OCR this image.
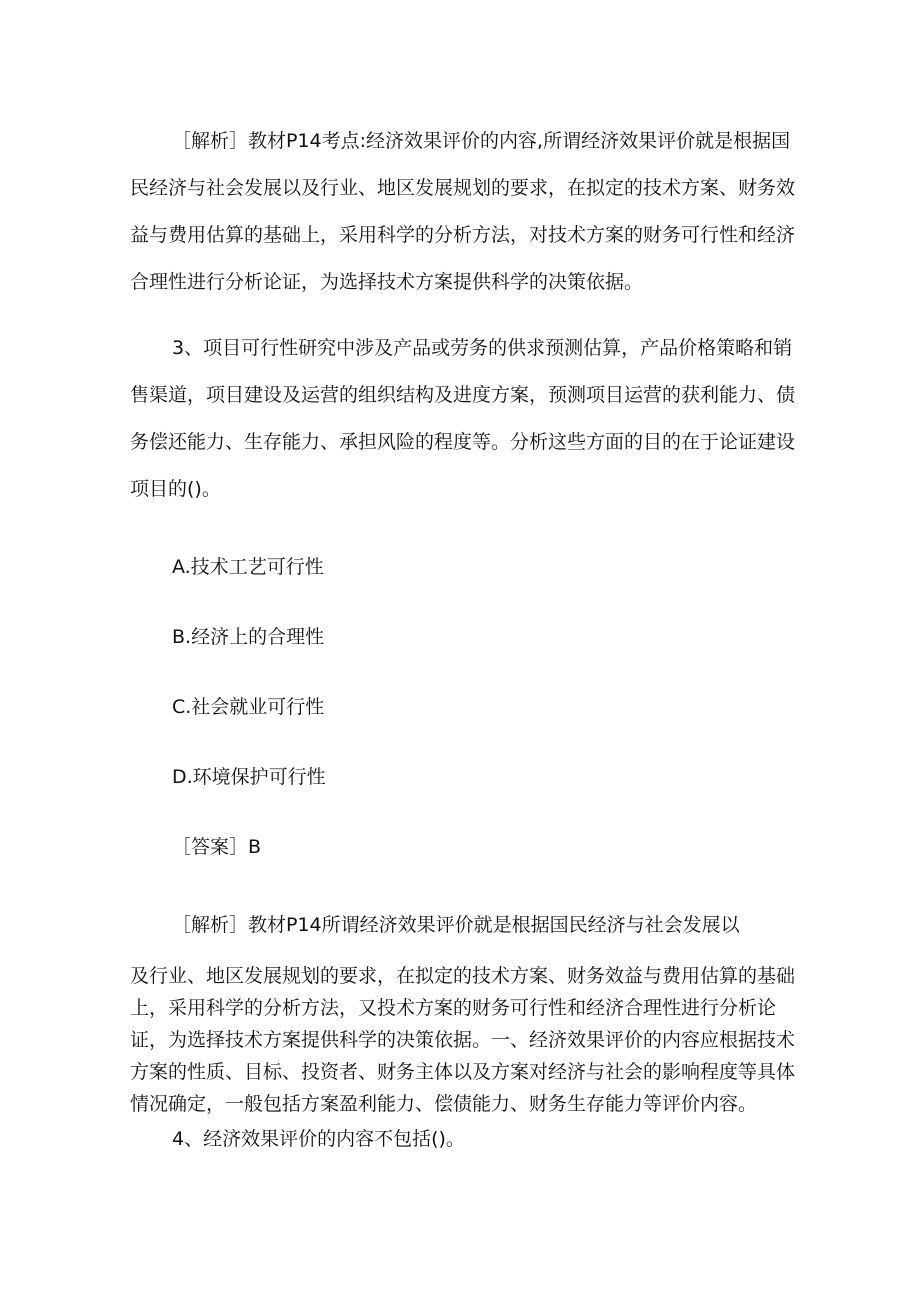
［解析］教材P14考点:经济效果评价的内容,所谓经济效果评价就是根据国民经济与社会发展以及行业、地区发展规划的要求，在拟定的技术方案、财务效益与费用估算的基础上，采用科学的分析方法，对技术方案的财务可行性和经济合理性进行分析论证，为选择技术方案提供科学的决策依据。
3、项目可行性研究中涉及产品或劳务的供求预测估算，产品价格策略和销售渠道，项目建设及运营的组织结构及进度方案，预测项目运营的获利能力、债务偿还能力、生存能力、承担风险的程度等。分析这些方面的目的在于论证建设项目的()。
A.技术工艺可行性
B.经济上的合理性
C.社会就业可行性
D.环境保护可行性
［答案］B
［解析］教材P14所谓经济效果评价就是根据国民经济与社会发展以
及行业、地区发展规划的要求，在拟定的技术方案、财务效益与费用估算的基础上，采用科学的分析方法，又投术方案的财务可行性和经济合理性进行分析论证，为选择技术方案提供科学的决策依据。一、经济效果评价的内容应根据技术方案的性质、目标、投资者、财务主体以及方案对经济与社会的影响程度等具体情况确定，一般包括方案盈利能力、偿债能力、财务生存能力等评价内容。
4、经济效果评价的内容不包括()。
